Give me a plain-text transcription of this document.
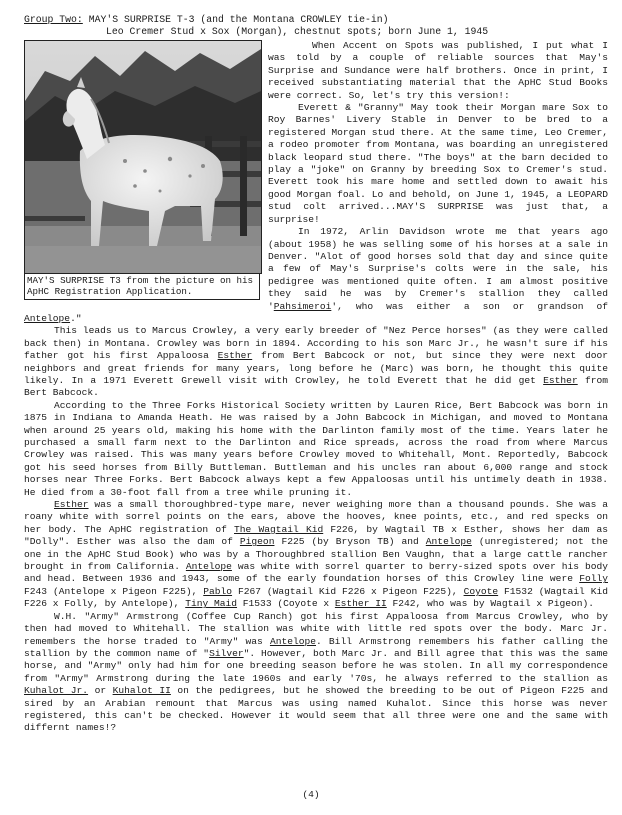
Group Two: MAY'S SURPRISE T-3 (and the Montana CROWLEY tie-in)
Leo Cremer Stud x Sox (Morgan), chestnut spots; born June 1, 1945
MAY'S SURPRISE T3 from the picture on his ApHC Registration Application.

When Accent on Spots was published, I put what I was told by a couple of reliable sources that May's Surprise and Sundance were half brothers. Once in print, I received substantiating material that the ApHC Stud Books were correct. So, let's try this version!:

Everett & "Granny" May took their Morgan mare Sox to Roy Barnes' Livery Stable in Denver to be bred to a registered Morgan stud there. At the same time, Leo Cremer, a rodeo promoter from Montana, was boarding an unregistered black leopard stud there. "The boys" at the barn decided to play a "joke" on Granny by breeding Sox to Cremer's stud. Everett took his mare home and settled down to await his good Morgan foal. Lo and behold, on June 1, 1945, a LEOPARD stud colt arrived...MAY'S SURPRISE was just that, a surprise!

In 1972, Arlin Davidson wrote me that years ago (about 1958) he was selling some of his horses at a sale in Denver. "Alot of good horses sold that day and since quite a few of May's Surprise's colts were in the sale, his pedigree was mentioned quite often. I am almost positive they said he was by Cremer's stallion they called 'Pahsimeroi', who was either a son or grandson of Antelope."

This leads us to Marcus Crowley, a very early breeder of "Nez Perce horses" (as they were called back then) in Montana. Crowley was born in 1894. According to his son Marc Jr., he wasn't sure if his father got his first Appaloosa Esther from Bert Babcock or not, but since they were next door neighbors and great friends for many years, long before he (Marc) was born, he thought this quite likely. In a 1971 Everett Grewell visit with Crowley, he told Everett that he did get Esther from Bert Babcock.

According to the Three Forks Historical Society written by Lauren Rice, Bert Babcock was born in 1875 in Indiana to Amanda Heath. He was raised by a John Babcock in Michigan, and moved to Montana when around 25 years old, making his home with the Darlinton family most of the time. Years later he purchased a small farm next to the Darlinton and Rice spreads, across the road from where Marcus Crowley was raised. This was many years before Crowley moved to Whitehall, Mont. Reportedly, Babcock got his seed horses from Billy Buttleman. Buttleman and his uncles ran about 6,000 range and stock horses near Three Forks. Bert Babcock always kept a few Appaloosas until his untimely death in 1938. He died from a 30-foot fall from a tree while pruning it.

Esther was a small thoroughbred-type mare, never weighing more than a thousand pounds. She was a roany white with sorrel points on the ears, above the hooves, knee points, etc., and red specks on her body. The ApHC registration of The Wagtail Kid F226, by Wagtail TB x Esther, shows her dam as "Dolly". Esther was also the dam of Pigeon F225 (by Bryson TB) and Antelope (unregistered; not the one in the ApHC Stud Book) who was by a Thoroughbred stallion Ben Vaughn, that a large cattle rancher brought in from California. Antelope was white with sorrel quarter to berry-sized spots over his body and head. Between 1936 and 1943, some of the early foundation horses of this Crowley line were Folly F243 (Antelope x Pigeon F225), Pablo F267 (Wagtail Kid F226 x Pigeon F225), Coyote F1532 (Wagtail Kid F226 x Folly, by Antelope), Tiny Maid F1533 (Coyote x Esther II F242, who was by Wagtail x Pigeon).

W.H. "Army" Armstrong (Coffee Cup Ranch) got his first Appaloosa from Marcus Crowley, who by then had moved to Whitehall. The stallion was white with little red spots over the body. Marc Jr. remembers the horse traded to "Army" was Antelope. Bill Armstrong remembers his father calling the stallion by the common name of "Silver". However, both Marc Jr. and Bill agree that this was the same horse, and "Army" only had him for one breeding season before he was stolen. In all my correspondence from "Army" Armstrong during the late 1960s and early '70s, he always referred to the stallion as Kuhalot Jr. or Kuhalot II on the pedigrees, but he showed the breeding to be out of Pigeon F225 and sired by an Arabian remount that Marcus was using named Kuhalot. Since this horse was never registered, this can't be checked. However it would seem that all three were one and the same with differnt names!?

(4)
